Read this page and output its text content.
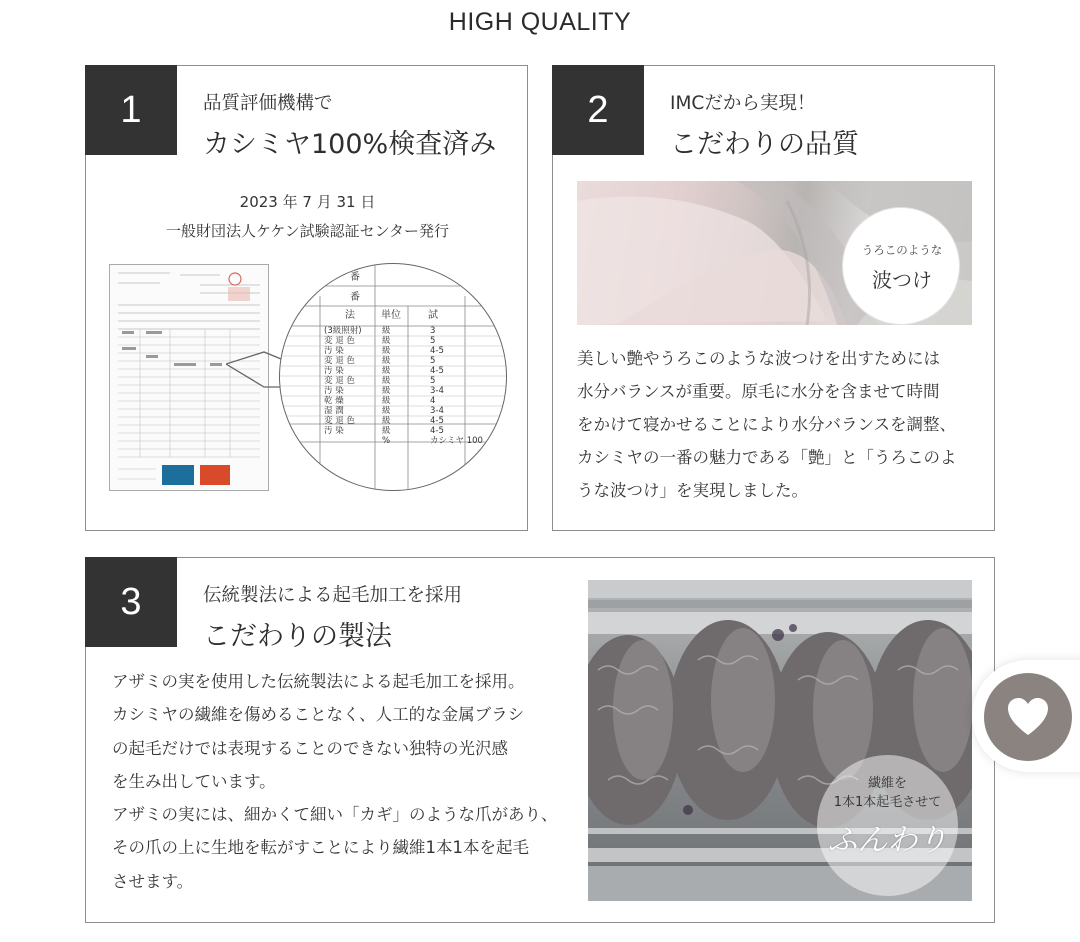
HIGH QUALITY
1	品質評価機構で
カシミヤ100%検査済み
2023 年 7 月 31 日
一般財団法人ケケン試験認証センター発行
番
番
法	単位	試
(3級照射) 級	3
変 退 色	級	5
汚 染	級	4-5
変 退 色	級	5
汚 染	級	4-5
変 退 色	級	5
汚 染	級	3-4
乾 燥	級	4
湿 潤	級	3-4
変 退 色	級	4-5
汚 染	級	4-5
%	カシミヤ 100
2	IMCだから実現！
こだわりの品質
うろこのような
波つけ
美しい艶やうろこのような波つけを出すためには
水分バランスが重要。原毛に水分を含ませて時間
をかけて寝かせることにより水分バランスを調整、
カシミヤの一番の魅力である「艶」と「うろこのよ
うな波つけ」を実現しました。
3	伝統製法による起毛加工を採用
こだわりの製法
アザミの実を使用した伝統製法による起毛加工を採用。
カシミヤの繊維を傷めることなく、人工的な金属ブラシ
の起毛だけでは表現することのできない独特の光沢感
を生み出しています。
アザミの実には、細かくて細い「カギ」のような爪があり、
その爪の上に生地を転がすことにより繊維1本1本を起毛
させます。
繊維を
1本1本起毛させて
ふんわり
